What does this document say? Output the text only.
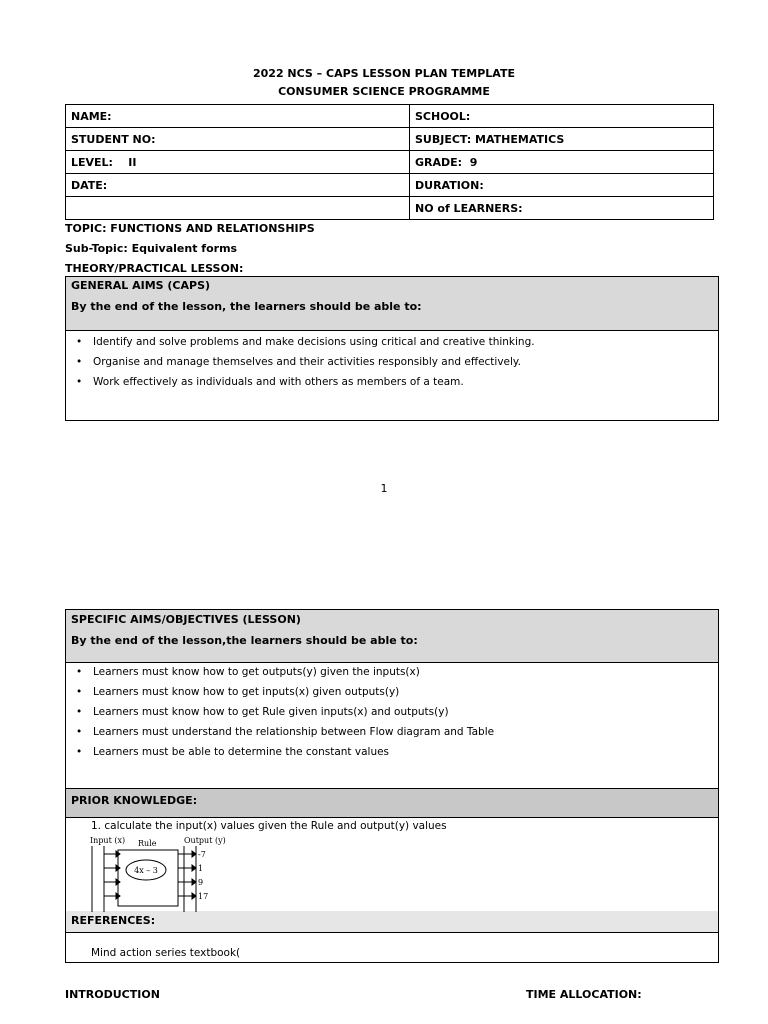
2022 NCS – CAPS LESSON PLAN TEMPLATE
CONSUMER SCIENCE PROGRAMME
NAME:	SCHOOL:
STUDENT NO:	SUBJECT: MATHEMATICS
LEVEL:    II	GRADE:  9
DATE:	DURATION:
	NO of LEARNERS:
TOPIC: FUNCTIONS AND RELATIONSHIPS
Sub-Topic: Equivalent forms
THEORY/PRACTICAL LESSON:
GENERAL AIMS (CAPS)
By the end of the lesson, the learners should be able to:
• Identify and solve problems and make decisions using critical and creative thinking.
• Organise and manage themselves and their activities responsibly and effectively.
• Work effectively as individuals and with others as members of a team.
1
SPECIFIC AIMS/OBJECTIVES (LESSON)
By the end of the lesson,the learners should be able to:
• Learners must know how to get outputs(y) given the inputs(x)
• Learners must know how to get inputs(x) given outputs(y)
• Learners must know how to get Rule given inputs(x) and outputs(y)
• Learners must understand the relationship between Flow diagram and Table
• Learners must be able to determine the constant values
PRIOR KNOWLEDGE:
1. calculate the input(x) values given the Rule and output(y) values
Input (x) Rule	Output (y)
4x – 3
-7
1
9
17
REFERENCES:
Mind action series textbook(
INTRODUCTION	TIME ALLOCATION:
